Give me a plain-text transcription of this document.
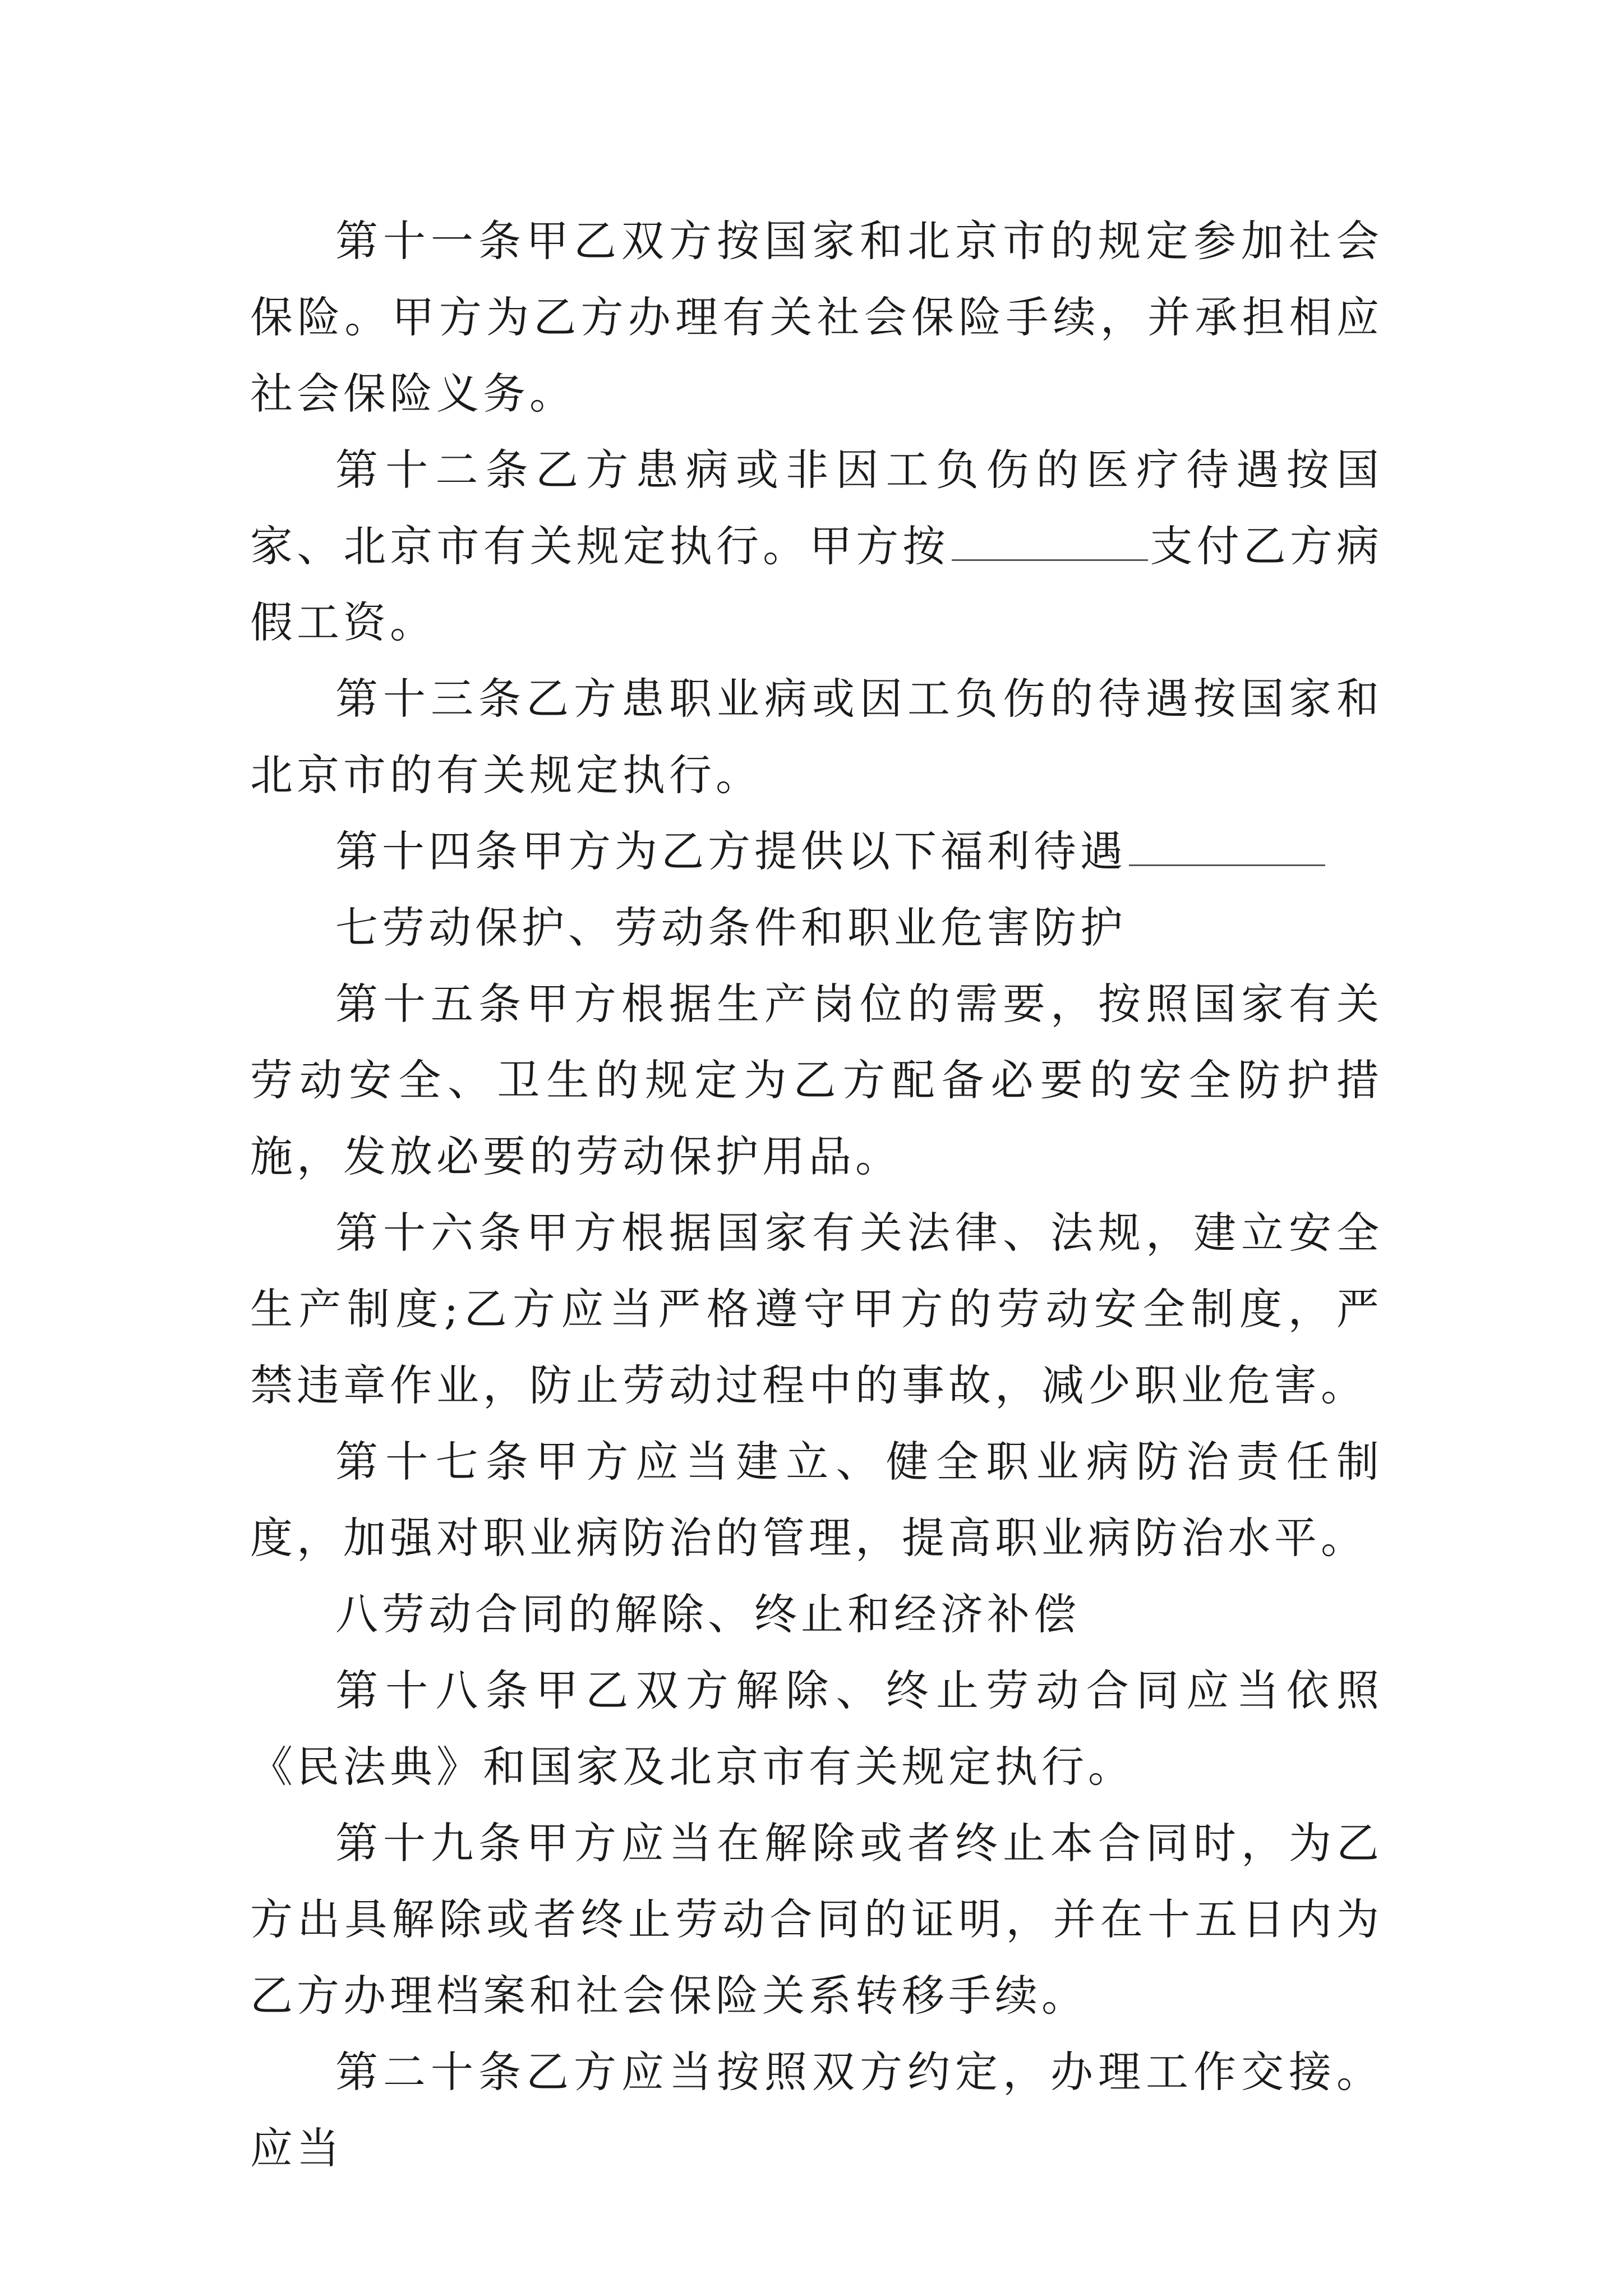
第十一条甲乙双方按国家和北京市的规定参加社会保险。甲方为乙方办理有关社会保险手续，并承担相应社会保险义务。

第十二条乙方患病或非因工负伤的医疗待遇按国家、北京市有关规定执行。甲方按	支付乙方病假工资。

第十三条乙方患职业病或因工负伤的待遇按国家和北京市的有关规定执行。

第十四条甲方为乙方提供以下福利待遇

七劳动保护、劳动条件和职业危害防护

第十五条甲方根据生产岗位的需要，按照国家有关劳动安全、卫生的规定为乙方配备必要的安全防护措施，发放必要的劳动保护用品。

第十六条甲方根据国家有关法律、法规，建立安全生产制度;乙方应当严格遵守甲方的劳动安全制度，严禁违章作业，防止劳动过程中的事故，减少职业危害。

第十七条甲方应当建立、健全职业病防治责任制度，加强对职业病防治的管理，提高职业病防治水平。

八劳动合同的解除、终止和经济补偿

第十八条甲乙双方解除、终止劳动合同应当依照《民法典》和国家及北京市有关规定执行。

第十九条甲方应当在解除或者终止本合同时，为乙方出具解除或者终止劳动合同的证明，并在十五日内为乙方办理档案和社会保险关系转移手续。

第二十条乙方应当按照双方约定，办理工作交接。应当
